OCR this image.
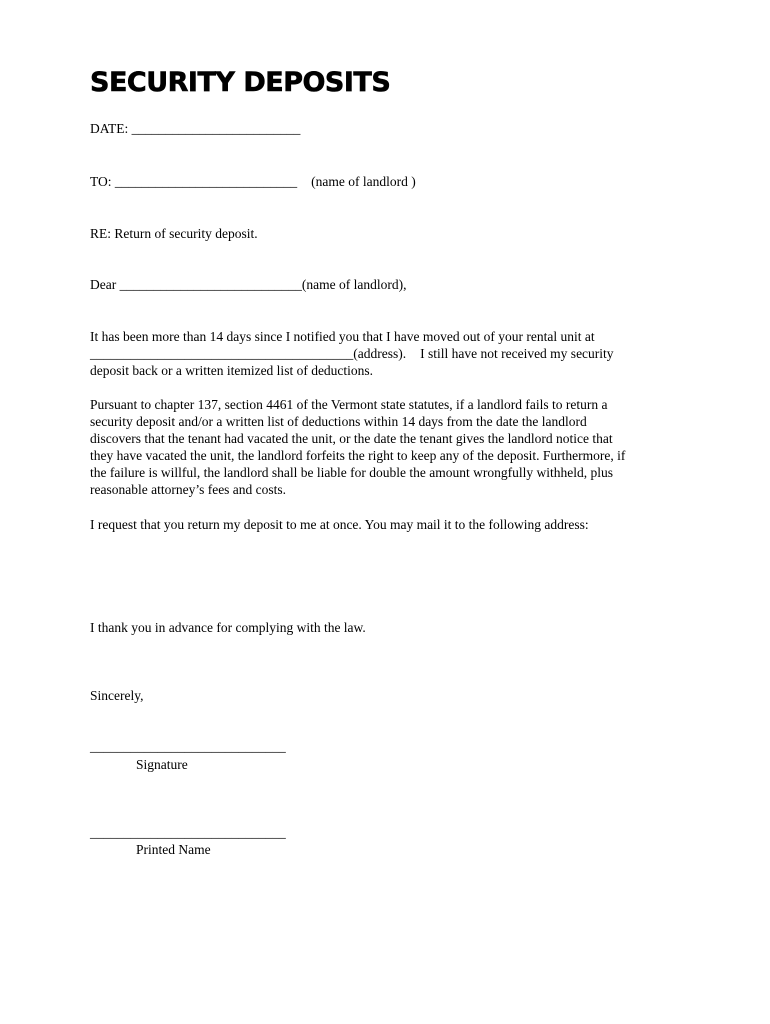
SECURITY DEPOSITS

DATE: _________________________

TO: ___________________________ (name of landlord )

RE: Return of security deposit.

Dear ___________________________(name of landlord),

It has been more than 14 days since I notified you that I have moved out of your rental unit at
_______________________________________(address). I still have not received my security
deposit back or a written itemized list of deductions.
Pursuant to chapter 137, section 4461 of the Vermont state statutes, if a landlord fails to return a
security deposit and/or a written list of deductions within 14 days from the date the landlord
discovers that the tenant had vacated the unit, or the date the tenant gives the landlord notice that
they have vacated the unit, the landlord forfeits the right to keep any of the deposit. Furthermore, if
the failure is willful, the landlord shall be liable for double the amount wrongfully withheld, plus
reasonable attorney’s fees and costs.

I request that you return my deposit to me at once. You may mail it to the following address:

I thank you in advance for complying with the law.

Sincerely,

_____________________________

Signature

_____________________________

Printed Name
